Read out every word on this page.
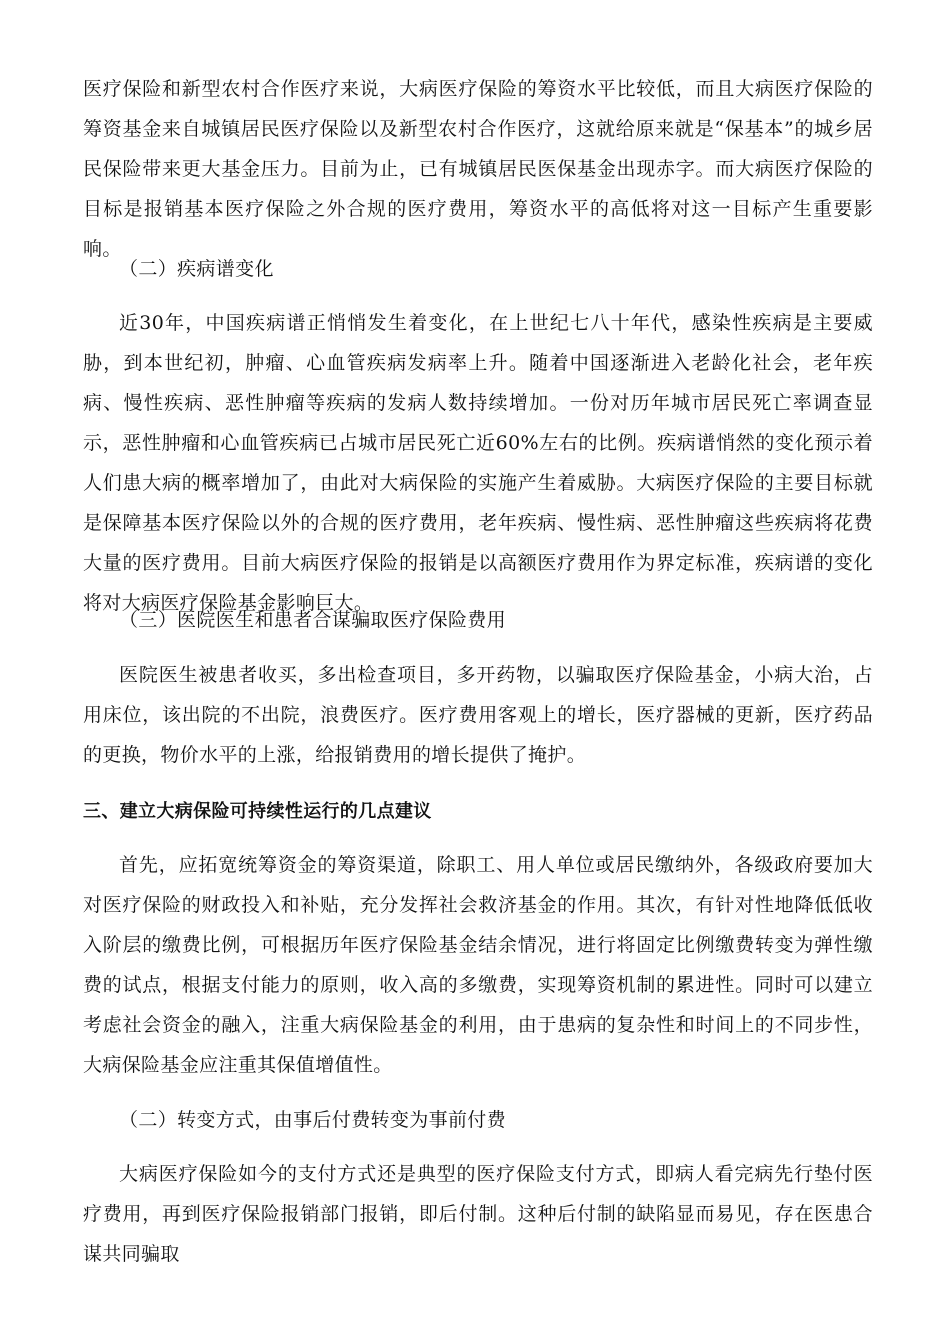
医疗保险和新型农村合作医疗来说，大病医疗保险的筹资水平比较低，而且大病医疗保险的筹资基金来自城镇居民医疗保险以及新型农村合作医疗，这就给原来就是“保基本”的城乡居民保险带来更大基金压力。目前为止，已有城镇居民医保基金出现赤字。而大病医疗保险的目标是报销基本医疗保险之外合规的医疗费用，筹资水平的高低将对这一目标产生重要影响。

（二）疾病谱变化

近30年，中国疾病谱正悄悄发生着变化，在上世纪七八十年代，感染性疾病是主要威胁，到本世纪初，肿瘤、心血管疾病发病率上升。随着中国逐渐进入老龄化社会，老年疾病、慢性疾病、恶性肿瘤等疾病的发病人数持续增加。一份对历年城市居民死亡率调查显示，恶性肿瘤和心血管疾病已占城市居民死亡近60%左右的比例。疾病谱悄然的变化预示着人们患大病的概率增加了，由此对大病保险的实施产生着威胁。大病医疗保险的主要目标就是保障基本医疗保险以外的合规的医疗费用，老年疾病、慢性病、恶性肿瘤这些疾病将花费大量的医疗费用。目前大病医疗保险的报销是以高额医疗费用作为界定标准，疾病谱的变化将对大病医疗保险基金影响巨大。

（三）医院医生和患者合谋骗取医疗保险费用

医院医生被患者收买，多出检查项目，多开药物，以骗取医疗保险基金，小病大治，占用床位，该出院的不出院，浪费医疗。医疗费用客观上的增长，医疗器械的更新，医疗药品的更换，物价水平的上涨，给报销费用的增长提供了掩护。

三、建立大病保险可持续性运行的几点建议

首先，应拓宽统筹资金的筹资渠道，除职工、用人单位或居民缴纳外，各级政府要加大对医疗保险的财政投入和补贴，充分发挥社会救济基金的作用。其次，有针对性地降低低收入阶层的缴费比例，可根据历年医疗保险基金结余情况，进行将固定比例缴费转变为弹性缴费的试点，根据支付能力的原则，收入高的多缴费，实现筹资机制的累进性。同时可以建立考虑社会资金的融入，注重大病保险基金的利用，由于患病的复杂性和时间上的不同步性，大病保险基金应注重其保值增值性。

（二）转变方式，由事后付费转变为事前付费

大病医疗保险如今的支付方式还是典型的医疗保险支付方式，即病人看完病先行垫付医疗费用，再到医疗保险报销部门报销，即后付制。这种后付制的缺陷显而易见，存在医患合谋共同骗取
